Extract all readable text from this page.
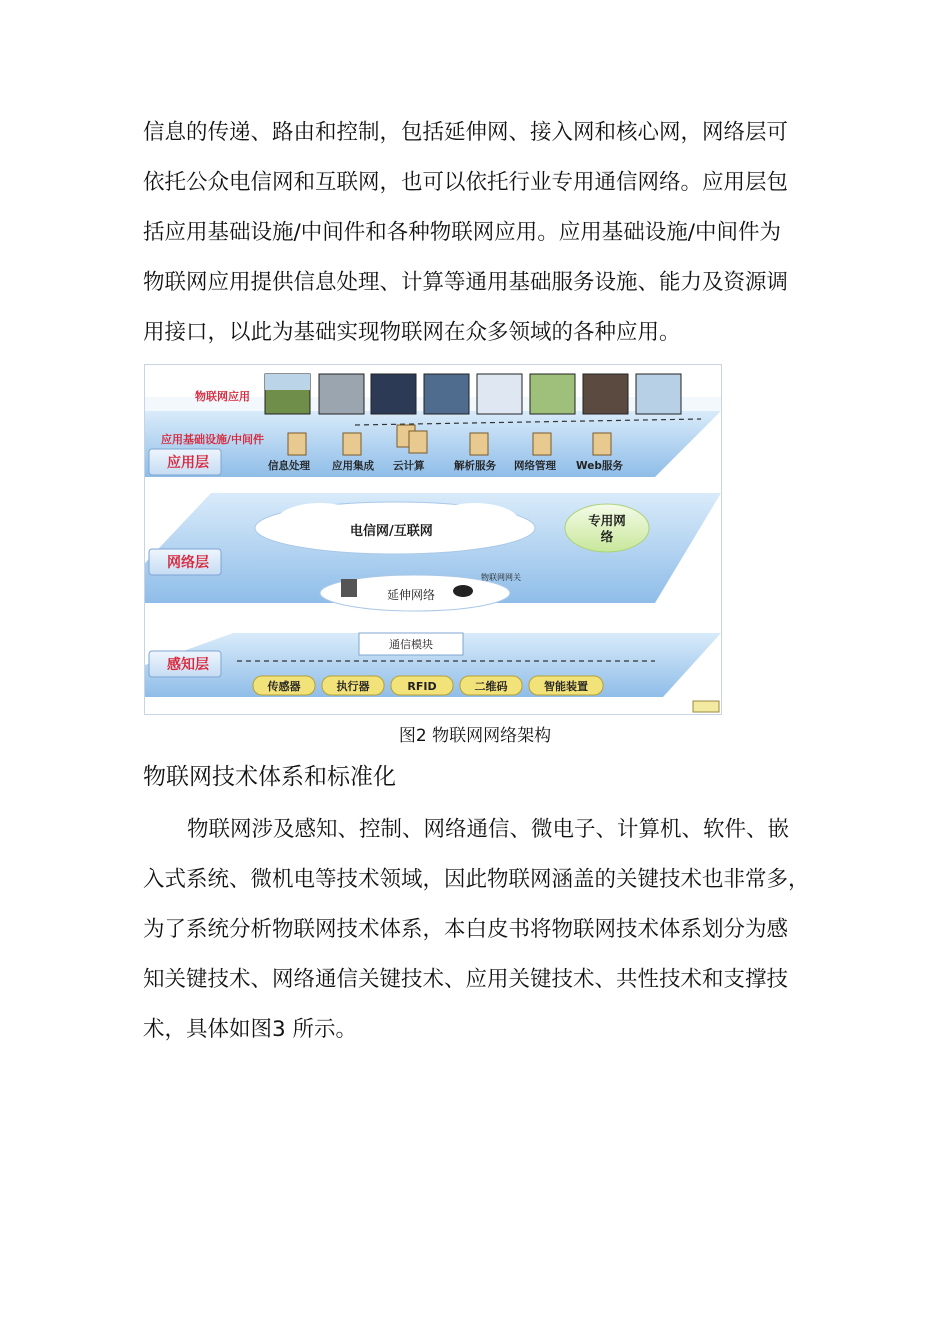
信息的传递、路由和控制，包括延伸网、接入网和核心网，网络层可
依托公众电信网和互联网，也可以依托行业专用通信网络。应用层包
括应用基础设施/中间件和各种物联网应用。应用基础设施/中间件为
物联网应用提供信息处理、计算等通用基础服务设施、能力及资源调
用接口，以此为基础实现物联网在众多领域的各种应用。
物联网应用
应用基础设施/中间件
信息处理 应用集成 云计算	解析服务 网络管理 Web服务
应用层
电信网/互联网
专用网络
延伸网络
物联网网关
网络层
通信模块
传感器	执行器	RFID	二维码	智能装置
感知层
图2 物联网网络架构
物联网技术体系和标准化
物联网涉及感知、控制、网络通信、微电子、计算机、软件、嵌
入式系统、微机电等技术领域，因此物联网涵盖的关键技术也非常多，
为了系统分析物联网技术体系，本白皮书将物联网技术体系划分为感
知关键技术、网络通信关键技术、应用关键技术、共性技术和支撑技
术，具体如图3 所示。
